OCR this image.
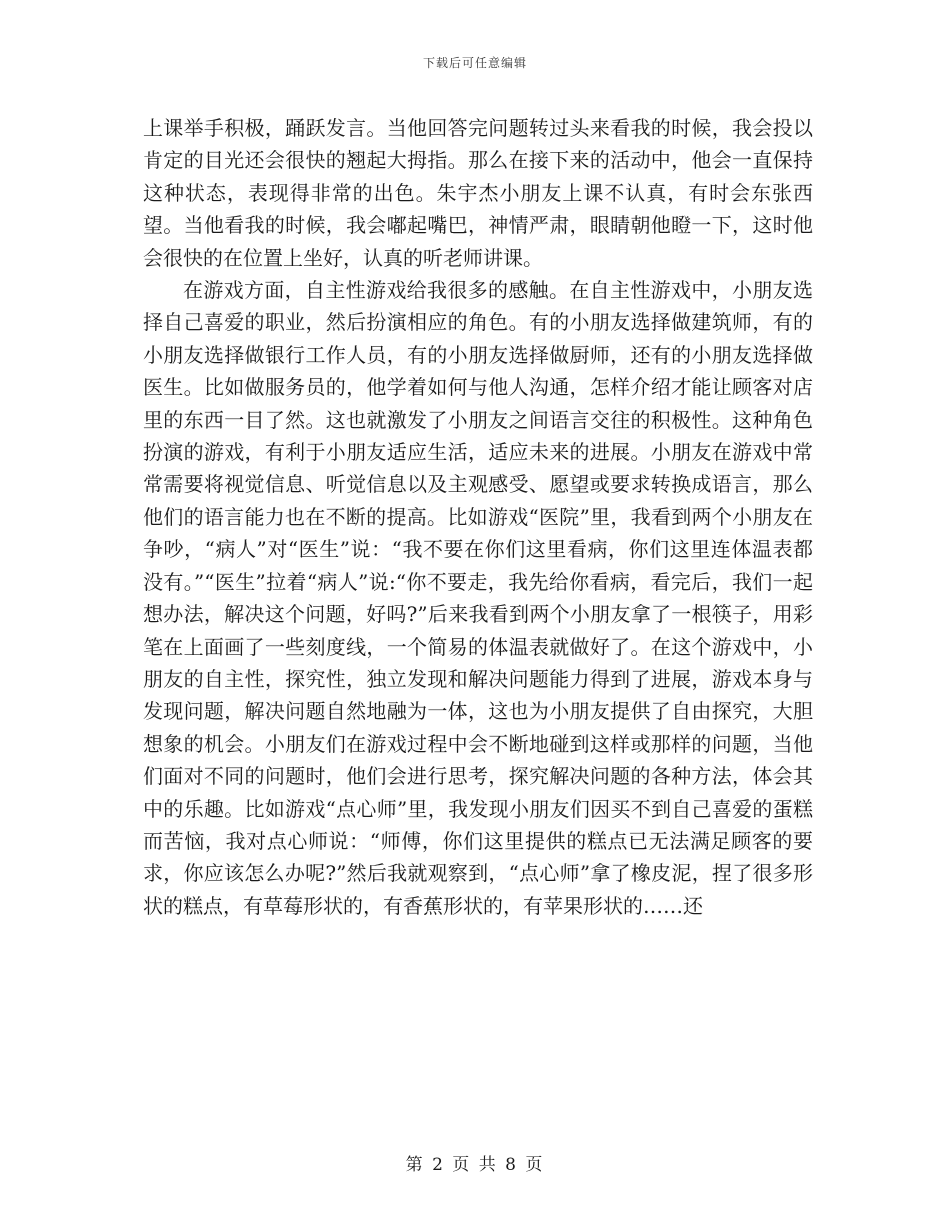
下载后可任意编辑

上课举手积极，踊跃发言。当他回答完问题转过头来看我的时候，我会投以肯定的目光还会很快的翘起大拇指。那么在接下来的活动中，他会一直保持这种状态，表现得非常的出色。朱宇杰小朋友上课不认真，有时会东张西望。当他看我的时候，我会嘟起嘴巴，神情严肃，眼睛朝他瞪一下，这时他会很快的在位置上坐好，认真的听老师讲课。

在游戏方面，自主性游戏给我很多的感触。在自主性游戏中，小朋友选择自己喜爱的职业，然后扮演相应的角色。有的小朋友选择做建筑师，有的小朋友选择做银行工作人员，有的小朋友选择做厨师，还有的小朋友选择做医生。比如做服务员的，他学着如何与他人沟通，怎样介绍才能让顾客对店里的东西一目了然。这也就激发了小朋友之间语言交往的积极性。这种角色扮演的游戏，有利于小朋友适应生活，适应未来的进展。小朋友在游戏中常常需要将视觉信息、听觉信息以及主观感受、愿望或要求转换成语言，那么他们的语言能力也在不断的提高。比如游戏“医院”里，我看到两个小朋友在争吵，“病人”对“医生”说：“我不要在你们这里看病，你们这里连体温表都没有。”“医生”拉着“病人”说:“你不要走，我先给你看病，看完后，我们一起想办法，解决这个问题，好吗?”后来我看到两个小朋友拿了一根筷子，用彩笔在上面画了一些刻度线，一个简易的体温表就做好了。在这个游戏中，小朋友的自主性，探究性，独立发现和解决问题能力得到了进展，游戏本身与发现问题，解决问题自然地融为一体，这也为小朋友提供了自由探究，大胆想象的机会。小朋友们在游戏过程中会不断地碰到这样或那样的问题，当他们面对不同的问题时，他们会进行思考，探究解决问题的各种方法，体会其中的乐趣。比如游戏“点心师”里，我发现小朋友们因买不到自己喜爱的蛋糕而苦恼，我对点心师说：“师傅，你们这里提供的糕点已无法满足顾客的要求，你应该怎么办呢?”然后我就观察到，“点心师”拿了橡皮泥，捏了很多形状的糕点，有草莓形状的，有香蕉形状的，有苹果形状的……还

第 2 页 共 8 页
